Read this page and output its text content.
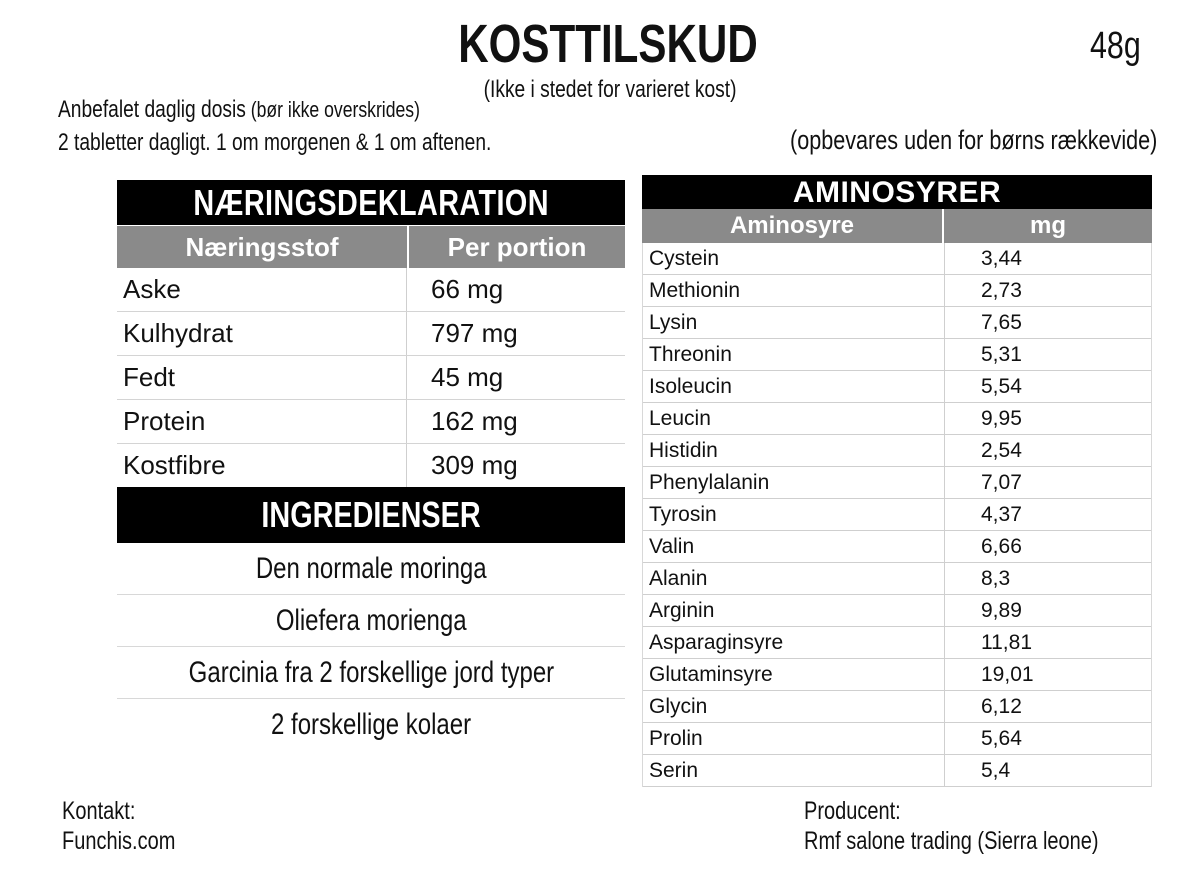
KOSTTILSKUD
(Ikke i stedet for varieret kost)
48g
Anbefalet daglig dosis (bør ikke overskrides)
2 tabletter dagligt. 1 om morgenen & 1 om aftenen.	(opbevares uden for børns rækkevide)
NÆRINGSDEKLARATION
Næringsstof	Per portion
Aske	66 mg
Kulhydrat	797 mg
Fedt	45 mg
Protein	162 mg
Kostfibre	309 mg
INGREDIENSER
Den normale moringa
Oliefera morienga
Garcinia fra 2 forskellige jord typer
2 forskellige kolaer
AMINOSYRER
Aminosyre	mg
Cystein	3,44
Methionin	2,73
Lysin	7,65
Threonin	5,31
Isoleucin	5,54
Leucin	9,95
Histidin	2,54
Phenylalanin	7,07
Tyrosin	4,37
Valin	6,66
Alanin	8,3
Arginin	9,89
Asparaginsyre	11,81
Glutaminsyre	19,01
Glycin	6,12
Prolin	5,64
Serin	5,4
Kontakt:
Funchis.com
Producent:
Rmf salone trading (Sierra leone)
